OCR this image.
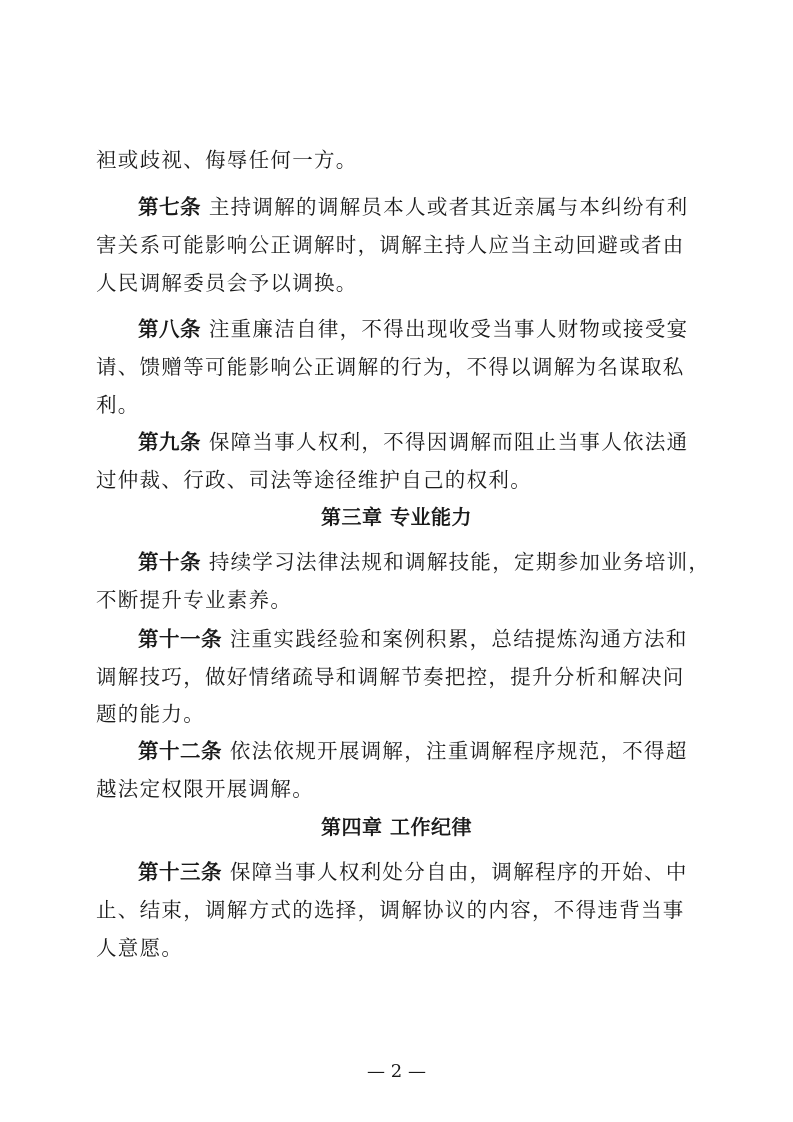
袒或歧视、侮辱任何一方。
第七条 主持调解的调解员本人或者其近亲属与本纠纷有利
害关系可能影响公正调解时，调解主持人应当主动回避或者由
人民调解委员会予以调换。
第八条 注重廉洁自律，不得出现收受当事人财物或接受宴
请、馈赠等可能影响公正调解的行为，不得以调解为名谋取私
利。
第九条 保障当事人权利，不得因调解而阻止当事人依法通
过仲裁、行政、司法等途径维护自己的权利。
第三章 专业能力
第十条 持续学习法律法规和调解技能，定期参加业务培训，
不断提升专业素养。
第十一条 注重实践经验和案例积累，总结提炼沟通方法和
调解技巧，做好情绪疏导和调解节奏把控，提升分析和解决问
题的能力。
第十二条 依法依规开展调解，注重调解程序规范，不得超
越法定权限开展调解。
第四章 工作纪律
第十三条 保障当事人权利处分自由，调解程序的开始、中
止、结束，调解方式的选择，调解协议的内容，不得违背当事
人意愿。
— 2 —
